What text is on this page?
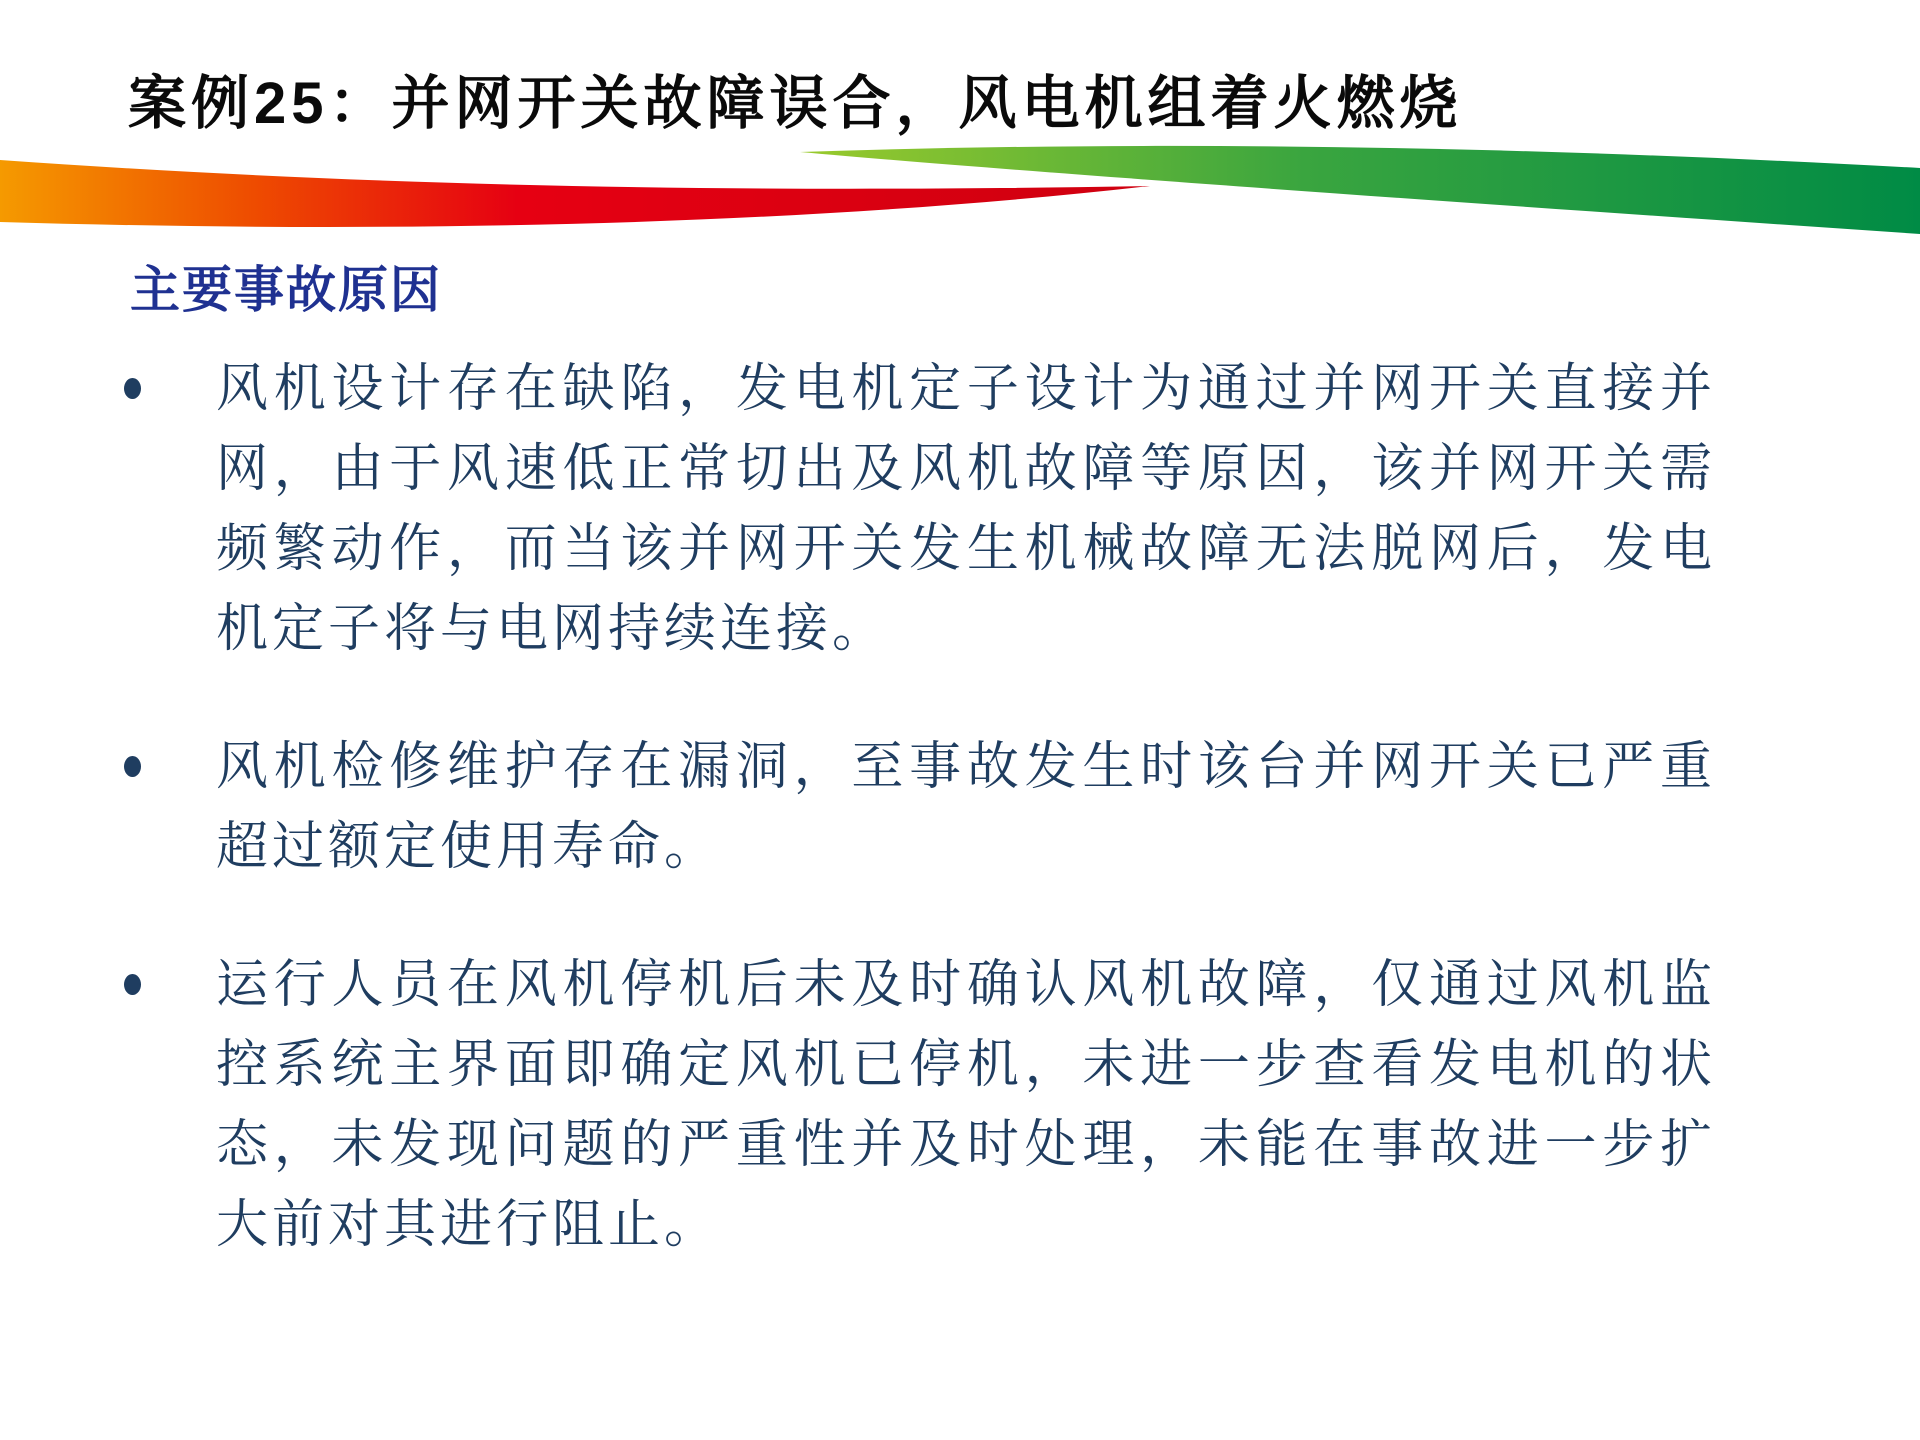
案例25：并网开关故障误合，风电机组着火燃烧
主要事故原因
风机设计存在缺陷，发电机定子设计为通过并网开关直接并
网，由于风速低正常切出及风机故障等原因，该并网开关需
频繁动作，而当该并网开关发生机械故障无法脱网后，发电
机定子将与电网持续连接。
风机检修维护存在漏洞，至事故发生时该台并网开关已严重
超过额定使用寿命。
运行人员在风机停机后未及时确认风机故障，仅通过风机监
控系统主界面即确定风机已停机，未进一步查看发电机的状
态，未发现问题的严重性并及时处理，未能在事故进一步扩
大前对其进行阻止。
